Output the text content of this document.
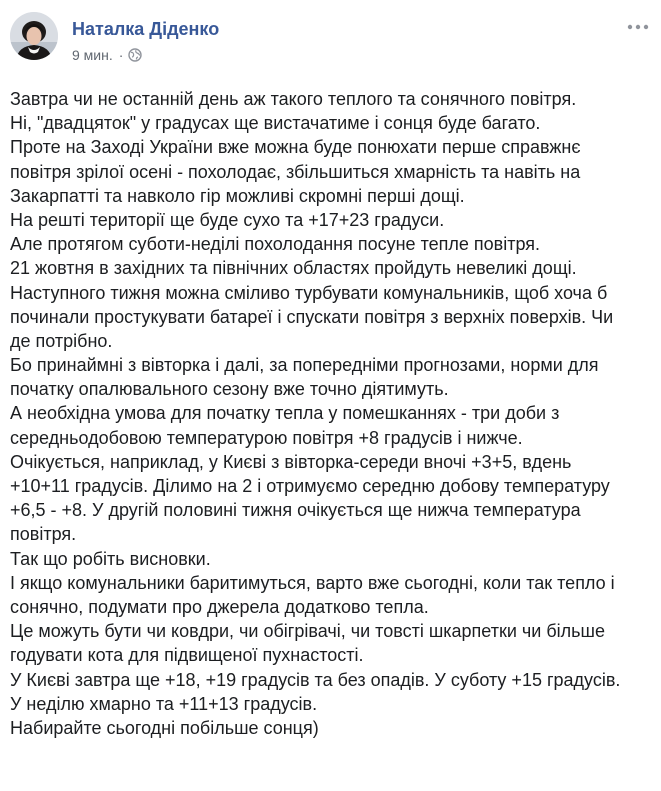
Наталка Діденко
9 мин. ·
Завтра чи не останній день аж такого теплого та сонячного повітря.
Ні, "двадцяток" у градусах ще вистачатиме і сонця буде багато.
Проте на Заході України вже можна буде понюхати перше справжнє
повітря зрілої осені - похолодає, збільшиться хмарність та навіть на
Закарпатті та навколо гір можливі скромні перші дощі.
На решті території ще буде сухо та +17+23 градуси.
Але протягом суботи-неділі похолодання посуне тепле повітря.
21 жовтня в західних та північних областях пройдуть невеликі дощі.
Наступного тижня можна сміливо турбувати комунальників, щоб хоча б
починали простукувати батареї і спускати повітря з верхніх поверхів. Чи
де потрібно.
Бо принаймні з вівторка і далі, за попередніми прогнозами, норми для
початку опалювального сезону вже точно діятимуть.
А необхідна умова для початку тепла у помешканнях - три доби з
середньодобовою температурою повітря +8 градусів і нижче.
Очікується, наприклад, у Києві з вівторка-середи вночі +3+5, вдень
+10+11 градусів. Ділимо на 2 і отримуємо середню добову температуру
+6,5 - +8. У другій половині тижня очікується ще нижча температура
повітря.
Так що робіть висновки.
І якщо комунальники баритимуться, варто вже сьогодні, коли так тепло і
сонячно, подумати про джерела додатково тепла.
Це можуть бути чи ковдри, чи обігрівачі, чи товсті шкарпетки чи більше
годувати кота для підвищеної пухнастості.
У Києві завтра ще +18, +19 градусів та без опадів. У суботу +15 градусів.
У неділю хмарно та +11+13 градусів.
Набирайте сьогодні побільше сонця)
